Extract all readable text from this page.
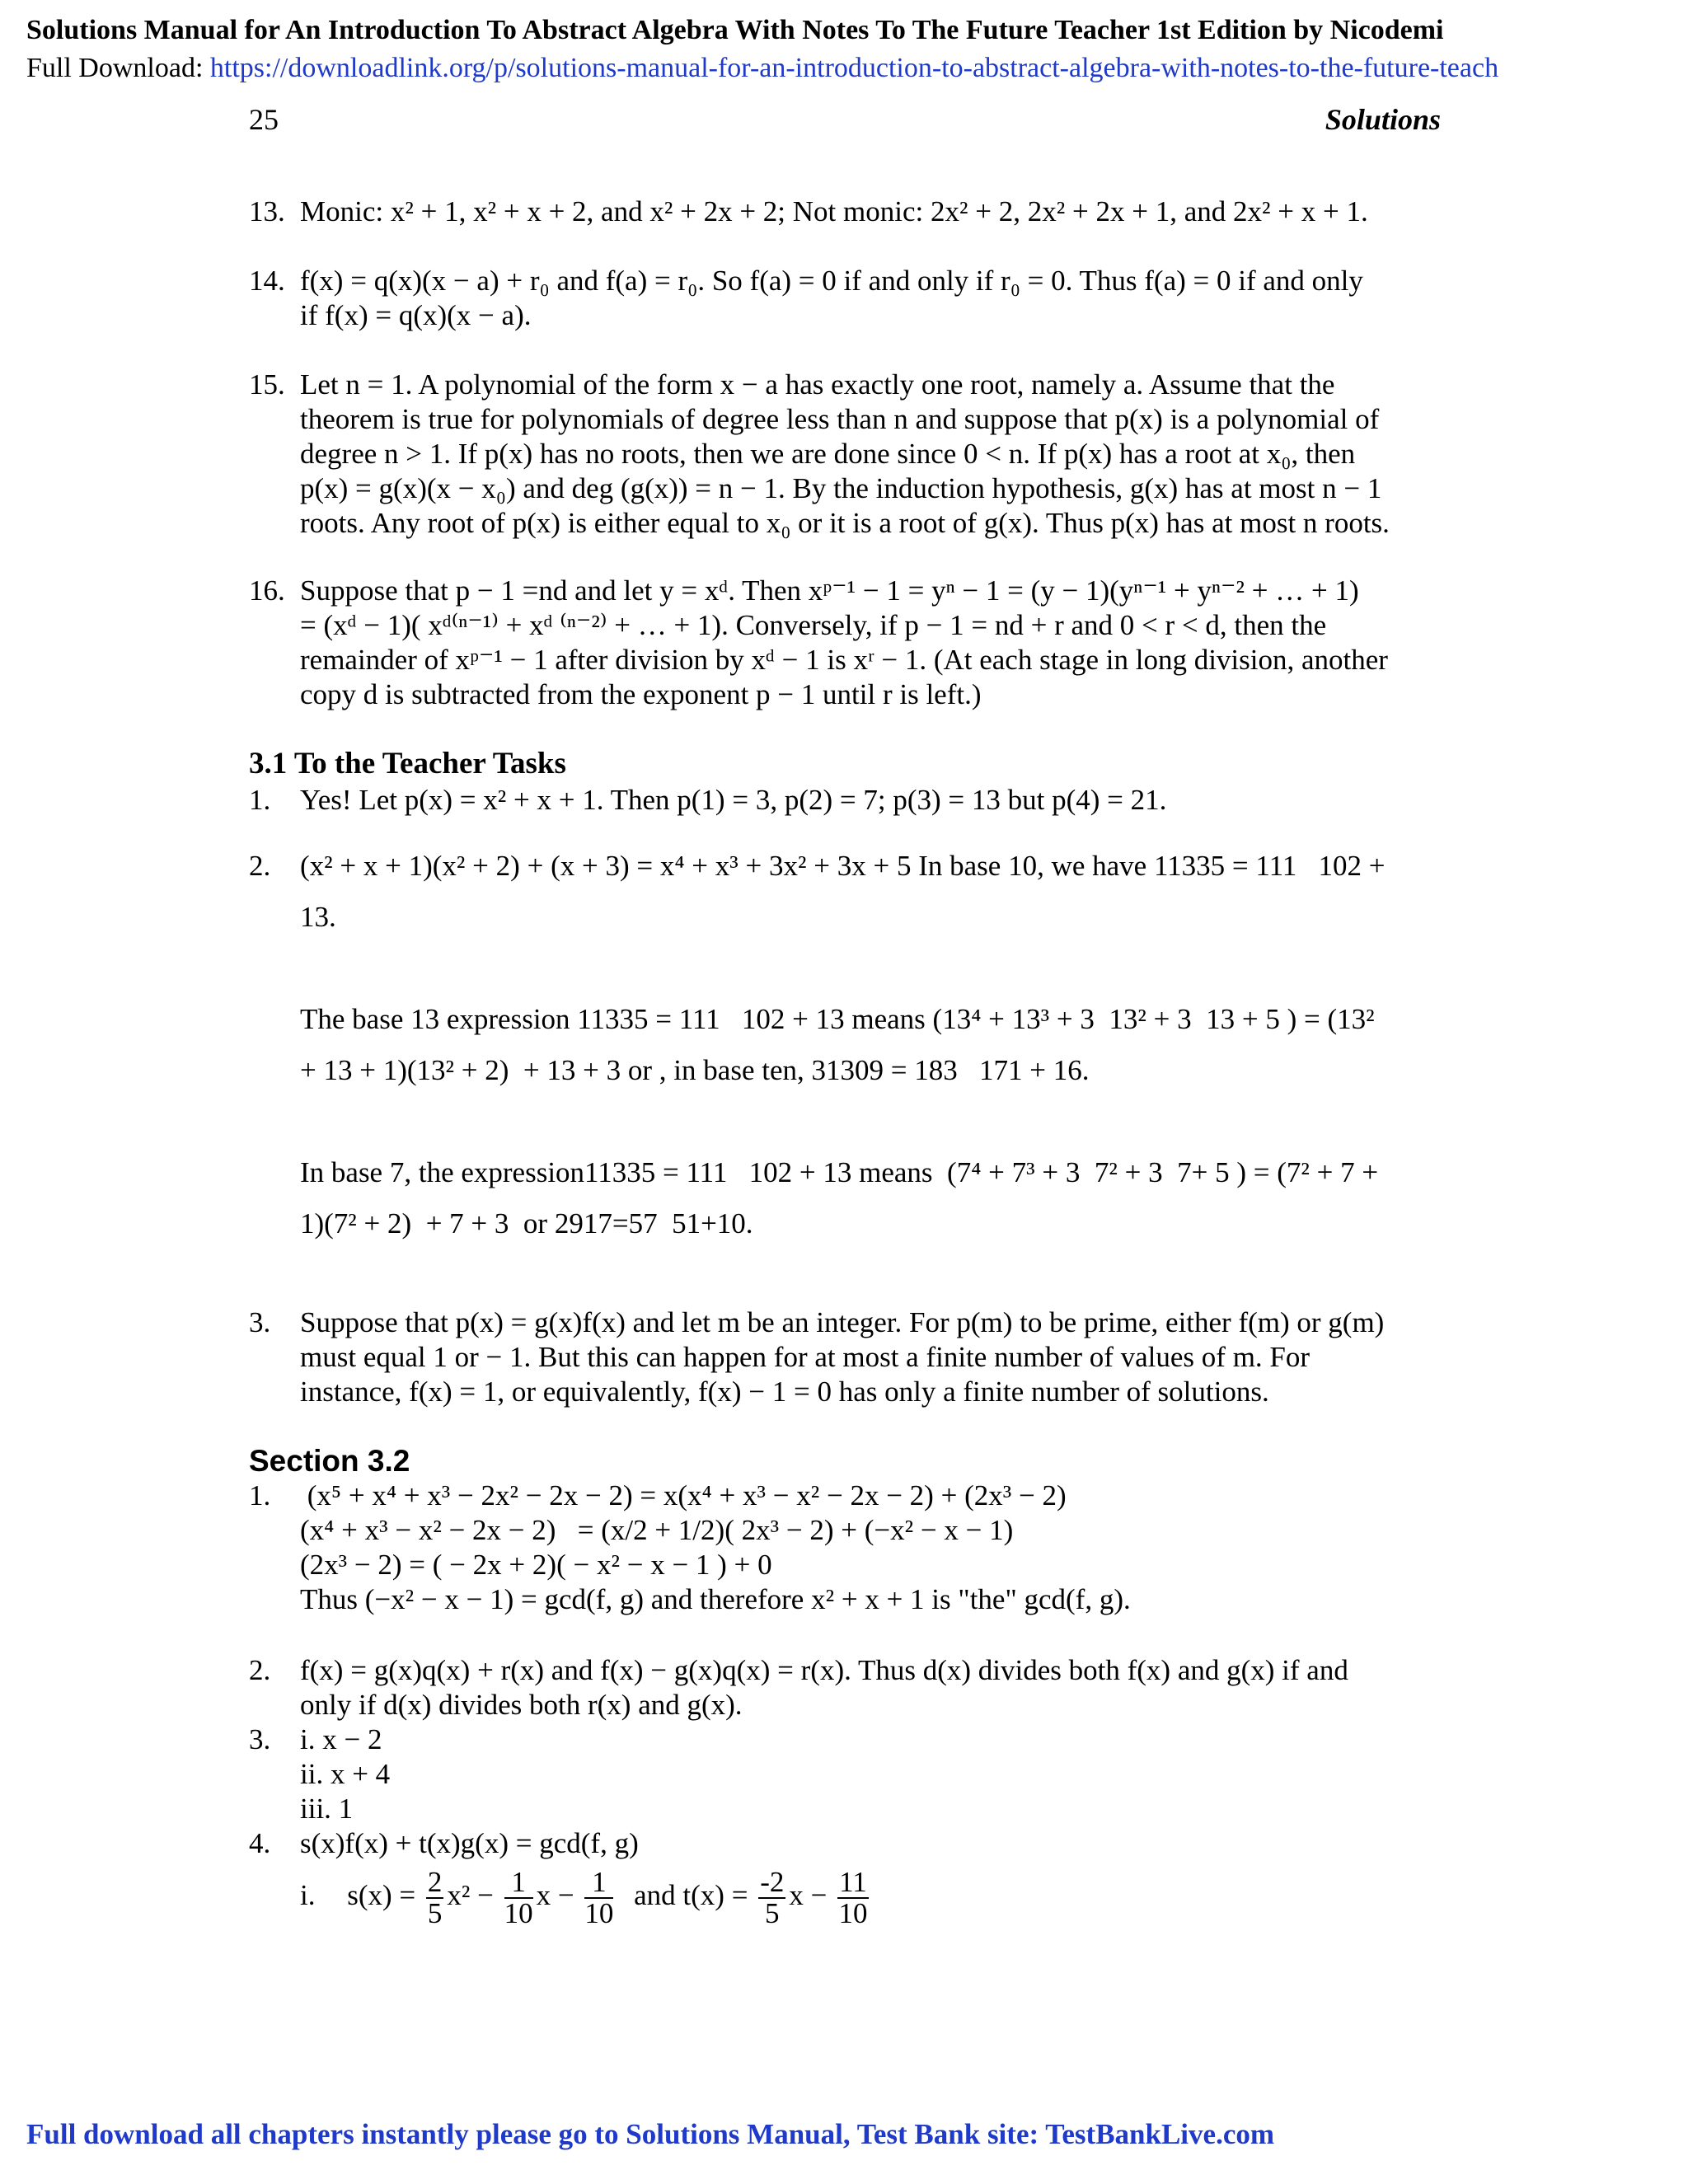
Solutions Manual for An Introduction To Abstract Algebra With Notes To The Future Teacher 1st Edition by Nicodemi
Full Download: https://downloadlink.org/p/solutions-manual-for-an-introduction-to-abstract-algebra-with-notes-to-the-future-teach
25	Solutions
13. Monic: x² + 1, x² + x + 2, and x² + 2x + 2; Not monic: 2x² + 2, 2x² + 2x + 1, and 2x² + x + 1.
14. f(x) = q(x)(x − a) + r₀ and f(a) = r₀. So f(a) = 0 if and only if r₀ = 0. Thus f(a) = 0 if and only
if f(x) = q(x)(x − a).
15. Let n = 1. A polynomial of the form x − a has exactly one root, namely a. Assume that the
theorem is true for polynomials of degree less than n and suppose that p(x) is a polynomial of
degree n > 1. If p(x) has no roots, then we are done since 0 < n. If p(x) has a root at x₀, then
p(x) = g(x)(x − x₀) and deg (g(x)) = n − 1. By the induction hypothesis, g(x) has at most n − 1
roots. Any root of p(x) is either equal to x₀ or it is a root of g(x). Thus p(x) has at most n roots.
16. Suppose that p − 1 =nd and let y = xᵈ. Then xᵖ⁻¹ − 1 = yⁿ − 1 = (y − 1)(yⁿ⁻¹ + yⁿ⁻² + … + 1)
= (xᵈ − 1)( xᵈ⁽ⁿ⁻¹⁾ + xᵈ ⁽ⁿ⁻²⁾ + … + 1). Conversely, if p − 1 = nd + r and 0 < r < d, then the
remainder of xᵖ⁻¹ − 1 after division by xᵈ − 1 is xʳ − 1. (At each stage in long division, another
copy d is subtracted from the exponent p − 1 until r is left.)
3.1 To the Teacher Tasks
1.	Yes! Let p(x) = x² + x + 1. Then p(1) = 3, p(2) = 7; p(3) = 13 but p(4) = 21.
2.	(x² + x + 1)(x² + 2) + (x + 3) = x⁴ + x³ + 3x² + 3x + 5 In base 10, we have 11335 = 111   102 +
13.
The base 13 expression 11335 = 111   102 + 13 means (13⁴ + 13³ + 3  13² + 3  13 + 5 ) = (13²
+ 13 + 1)(13² + 2)  + 13 + 3 or , in base ten, 31309 = 183   171 + 16.
In base 7, the expression11335 = 111   102 + 13 means  (7⁴ + 7³ + 3  7² + 3  7+ 5 ) = (7² + 7 +
1)(7² + 2)  + 7 + 3  or 2917=57  51+10.
3.	Suppose that p(x) = g(x)f(x) and let m be an integer. For p(m) to be prime, either f(m) or g(m)
must equal 1 or − 1. But this can happen for at most a finite number of values of m. For
instance, f(x) = 1, or equivalently, f(x) − 1 = 0 has only a finite number of solutions.
Section 3.2
1.	(x⁵ + x⁴ + x³ − 2x² − 2x − 2) = x(x⁴ + x³ − x² − 2x − 2) + (2x³ − 2)
(x⁴ + x³ − x² − 2x − 2)   = (x/2 + 1/2)( 2x³ − 2) + (−x² − x − 1)
(2x³ − 2) = ( − 2x + 2)( − x² − x − 1 ) + 0
Thus (−x² − x − 1) = gcd(f, g) and therefore x² + x + 1 is "the" gcd(f, g).
2.	f(x) = g(x)q(x) + r(x) and f(x) − g(x)q(x) = r(x). Thus d(x) divides both f(x) and g(x) if and
only if d(x) divides both r(x) and g(x).
3.	i. x − 2
ii. x + 4
iii. 1
4.	s(x)f(x) + t(x)g(x) = gcd(f, g)
i. $s(x) = \frac{2}{5} x^2 - \frac{1}{10}$ $x - \frac{1}{10}$ and $t(x) = \frac{-2}{5}$ $x - \frac{11}{10}$
Full download all chapters instantly please go to Solutions Manual, Test Bank site: TestBankLive.com
